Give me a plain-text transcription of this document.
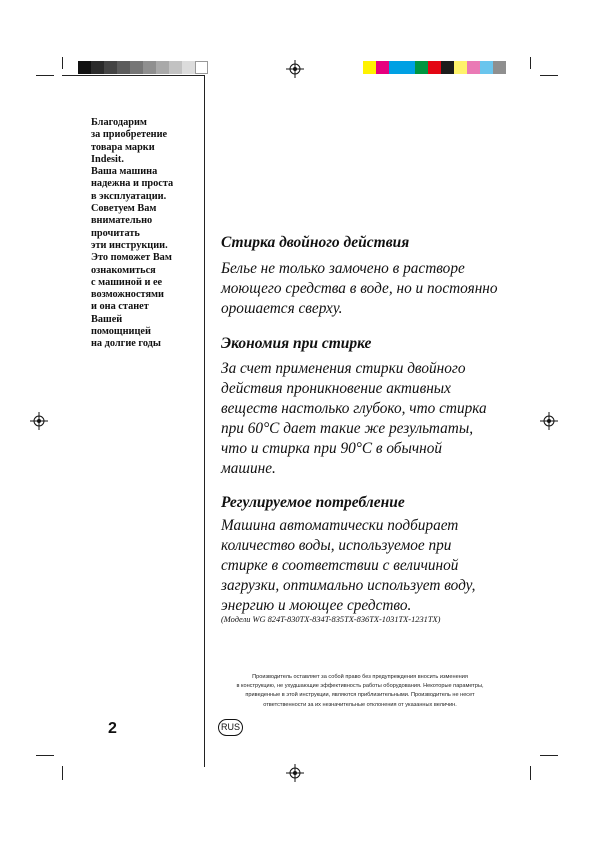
Благодарим
за приобретение
товара марки
Indesit.
Ваша машина
надежна и проста
в эксплуатации.
Советуем Вам
внимательно
прочитать
эти инструкции.
Это поможет Вам
ознакомиться
с машиной и ее
возможностями
и она станет
Вашей
помощницей
на долгие годы
Стирка двойного действия
Белье не только замочено в растворе
моющего средства в воде, но и постоянно
орошается сверху.
Экономия при стирке
За счет применения стирки двойного
действия проникновение активных
веществ настолько глубоко, что стирка
при 60°C дает такие же результаты,
что и стирка при 90°C в обычной
машине.
Регулируемое потребление
Машина автоматически подбирает
количество воды, используемое при
стирке в соответствии с величиной
загрузки, оптимально использует воду,
энергию и моющее средство.
(Модели WG 824T-830TX-834T-835TX-836TX-1031TX-1231TX)
Производитель оставляет за собой право без предупреждения вносить изменения
в конструкцию, не ухудшающие эффективность работы оборудования. Некоторые параметры,
приведенные в этой инструкции, являются приблизительными. Производитель не несет
ответственности за их незначительные отклонения от указанных величин.
2	RUS
